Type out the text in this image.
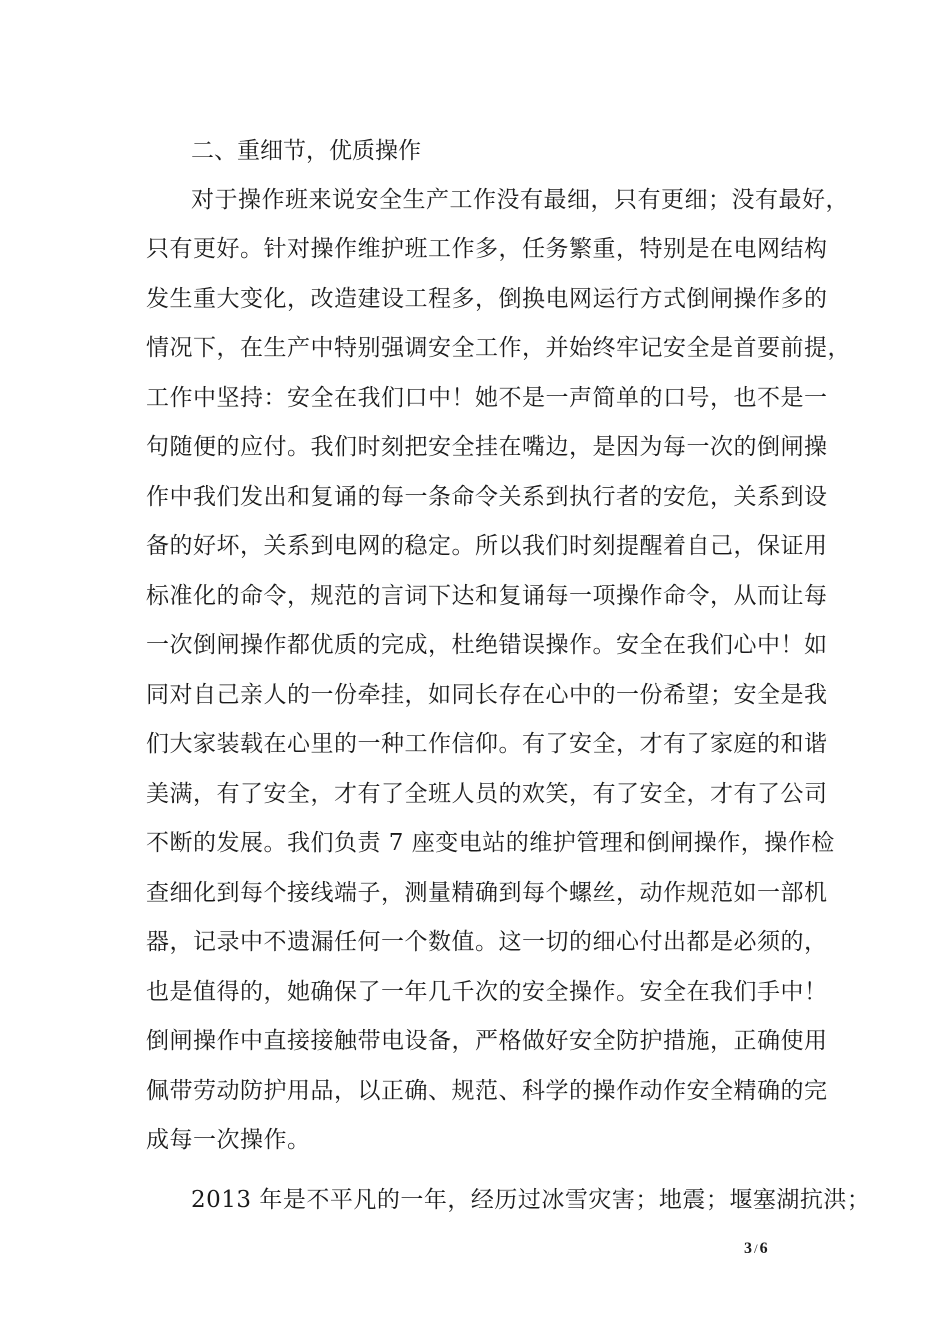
二、重细节，优质操作
对于操作班来说安全生产工作没有最细，只有更细；没有最好，
只有更好。针对操作维护班工作多，任务繁重，特别是在电网结构
发生重大变化，改造建设工程多，倒换电网运行方式倒闸操作多的
情况下，在生产中特别强调安全工作，并始终牢记安全是首要前提，
工作中坚持：安全在我们口中！她不是一声简单的口号，也不是一
句随便的应付。我们时刻把安全挂在嘴边，是因为每一次的倒闸操
作中我们发出和复诵的每一条命令关系到执行者的安危，关系到设
备的好坏，关系到电网的稳定。所以我们时刻提醒着自己，保证用
标准化的命令，规范的言词下达和复诵每一项操作命令，从而让每
一次倒闸操作都优质的完成，杜绝错误操作。安全在我们心中！如
同对自己亲人的一份牵挂，如同长存在心中的一份希望；安全是我
们大家装载在心里的一种工作信仰。有了安全，才有了家庭的和谐
美满，有了安全，才有了全班人员的欢笑，有了安全，才有了公司
不断的发展。我们负责 7 座变电站的维护管理和倒闸操作，操作检
查细化到每个接线端子，测量精确到每个螺丝，动作规范如一部机
器，记录中不遗漏任何一个数值。这一切的细心付出都是必须的，
也是值得的，她确保了一年几千次的安全操作。安全在我们手中！
倒闸操作中直接接触带电设备，严格做好安全防护措施，正确使用
佩带劳动防护用品，以正确、规范、科学的操作动作安全精确的完
成每一次操作。
2013 年是不平凡的一年，经历过冰雪灾害；地震；堰塞湖抗洪；
3 / 6
